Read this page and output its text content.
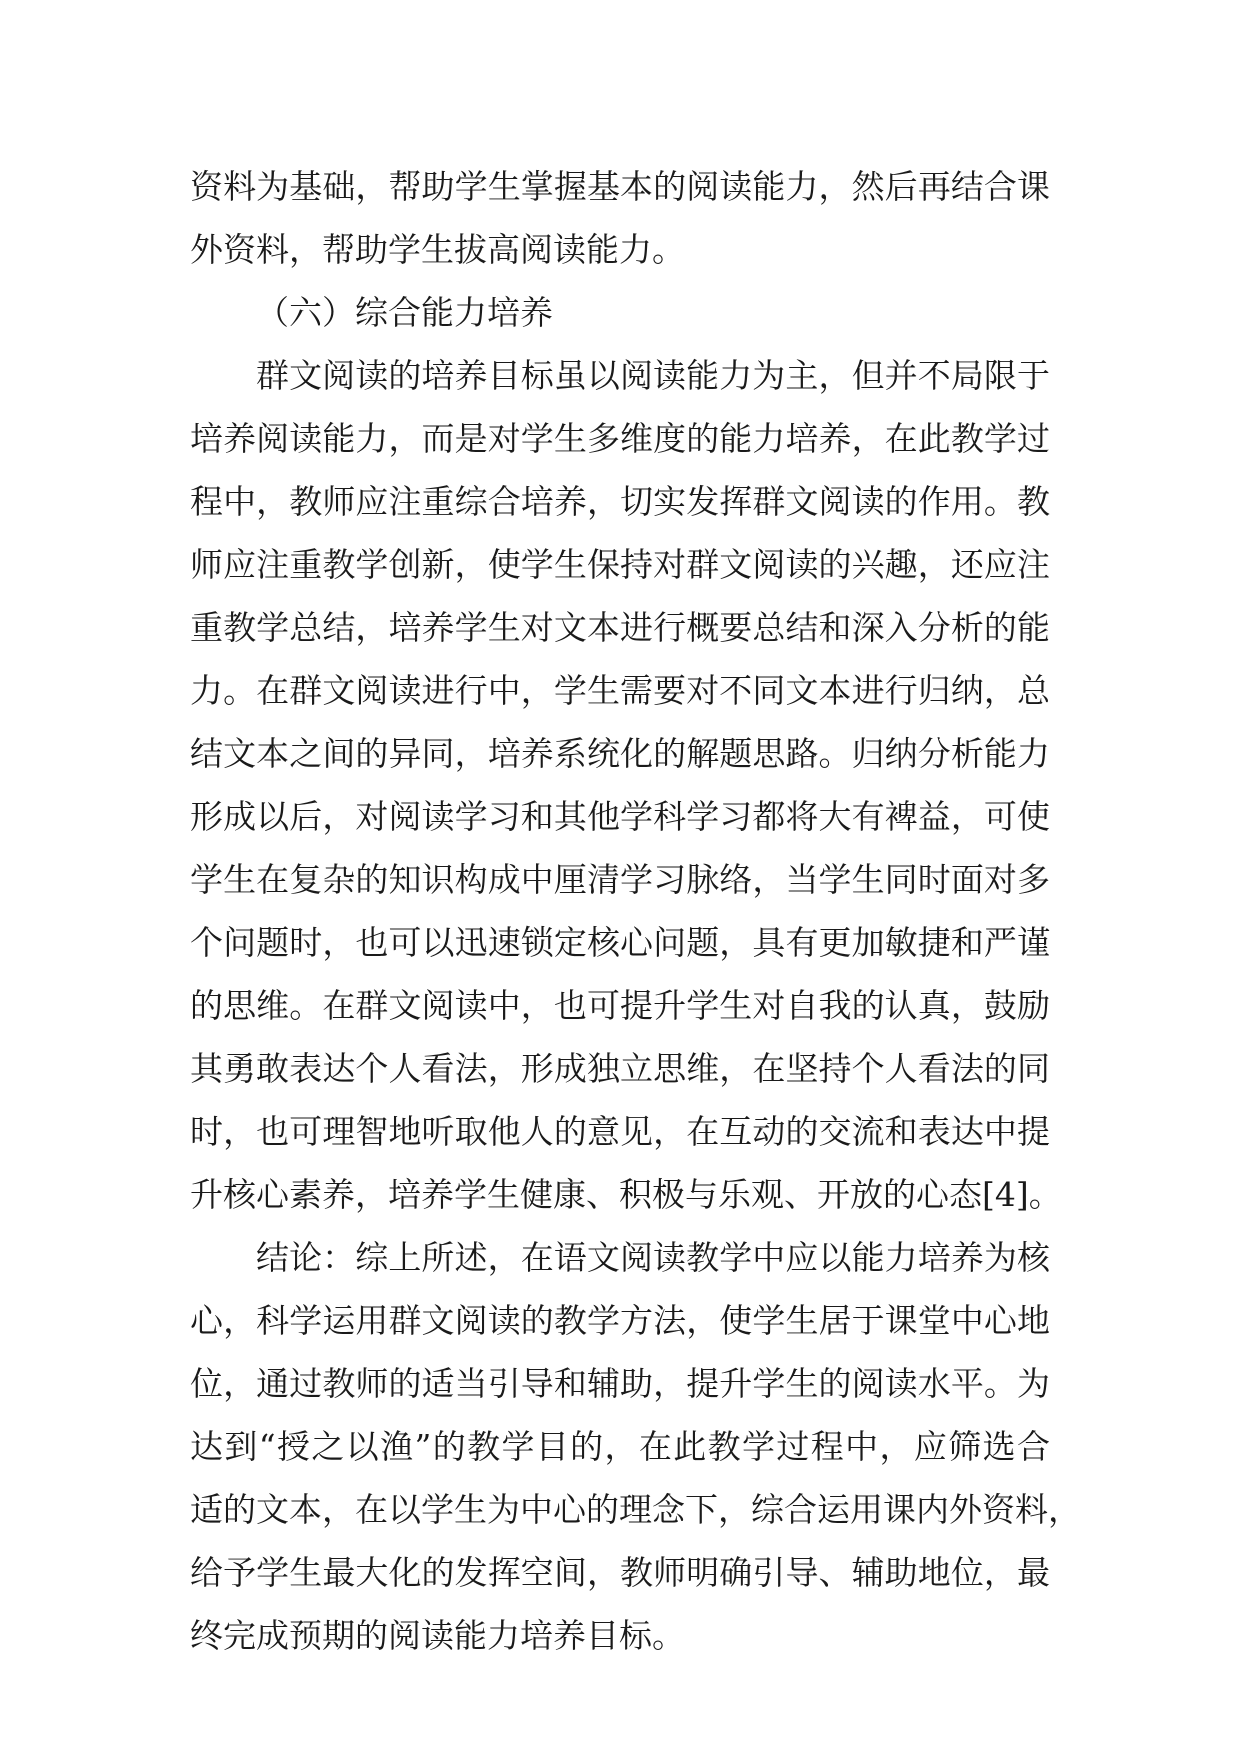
资料为基础，帮助学生掌握基本的阅读能力，然后再结合课
外资料，帮助学生拔高阅读能力。
（六）综合能力培养
群文阅读的培养目标虽以阅读能力为主，但并不局限于
培养阅读能力，而是对学生多维度的能力培养，在此教学过
程中，教师应注重综合培养，切实发挥群文阅读的作用。教
师应注重教学创新，使学生保持对群文阅读的兴趣，还应注
重教学总结，培养学生对文本进行概要总结和深入分析的能
力。在群文阅读进行中，学生需要对不同文本进行归纳，总
结文本之间的异同，培养系统化的解题思路。归纳分析能力
形成以后，对阅读学习和其他学科学习都将大有裨益，可使
学生在复杂的知识构成中厘清学习脉络，当学生同时面对多
个问题时，也可以迅速锁定核心问题，具有更加敏捷和严谨
的思维。在群文阅读中，也可提升学生对自我的认真，鼓励
其勇敢表达个人看法，形成独立思维，在坚持个人看法的同
时，也可理智地听取他人的意见，在互动的交流和表达中提
升核心素养，培养学生健康、积极与乐观、开放的心态[4]。
结论：综上所述，在语文阅读教学中应以能力培养为核
心，科学运用群文阅读的教学方法，使学生居于课堂中心地
位，通过教师的适当引导和辅助，提升学生的阅读水平。为
达到“授之以渔”的教学目的，在此教学过程中，应筛选合
适的文本，在以学生为中心的理念下，综合运用课内外资料，
给予学生最大化的发挥空间，教师明确引导、辅助地位，最
终完成预期的阅读能力培养目标。
